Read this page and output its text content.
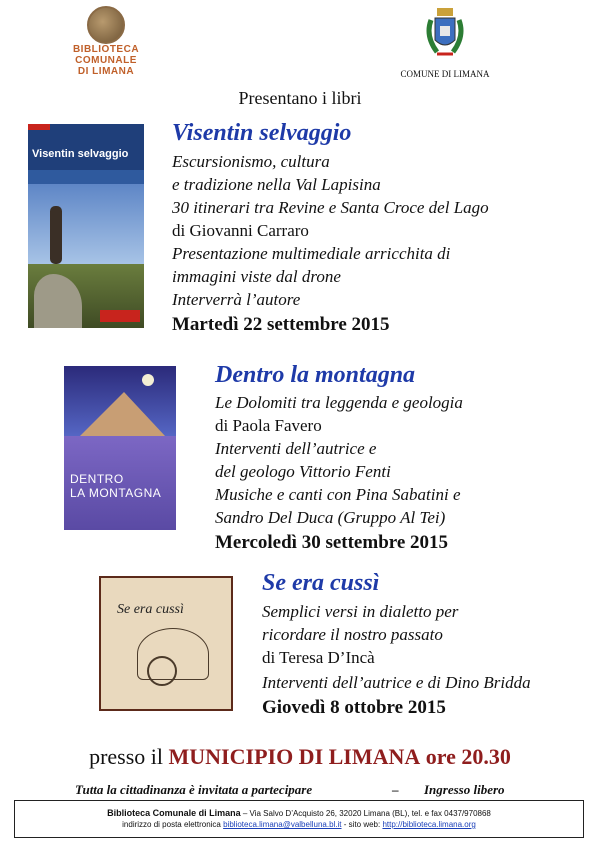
BIBLIOTECA
COMUNALE
DI LIMANA	COMUNE DI LIMANA
Presentano i libri
Visentin selvaggio
Visentin selvaggio
Escursionismo, cultura
e tradizione nella Val Lapisina
30 itinerari tra Revine e Santa Croce del Lago
di Giovanni Carraro
Presentazione multimediale arricchita di
immagini viste dal drone
Interverrà l’autore
Martedì 22 settembre 2015
DENTRO
LA MONTAGNA
Dentro la montagna
Le Dolomiti tra leggenda e geologia
di Paola Favero
Interventi dell’autrice e
del geologo Vittorio Fenti
Musiche e canti con Pina Sabatini e
Sandro Del Duca (Gruppo Al Tei)
Mercoledì 30 settembre 2015
Se era cussì
Se era cussì
Semplici versi in dialetto per
ricordare il nostro passato
di Teresa D’Incà
Interventi dell’autrice e di Dino Bridda
Giovedì 8 ottobre 2015
presso il MUNICIPIO DI LIMANA ore 20.30
Tutta la cittadinanza è invitata a partecipare	– Ingresso libero
Biblioteca Comunale di Limana – Via Salvo D’Acquisto 26, 32020 Limana (BL), tel. e fax 0437/970868
indirizzo di posta elettronica biblioteca.limana@valbelluna.bl.it - sito web: http://biblioteca.limana.org
